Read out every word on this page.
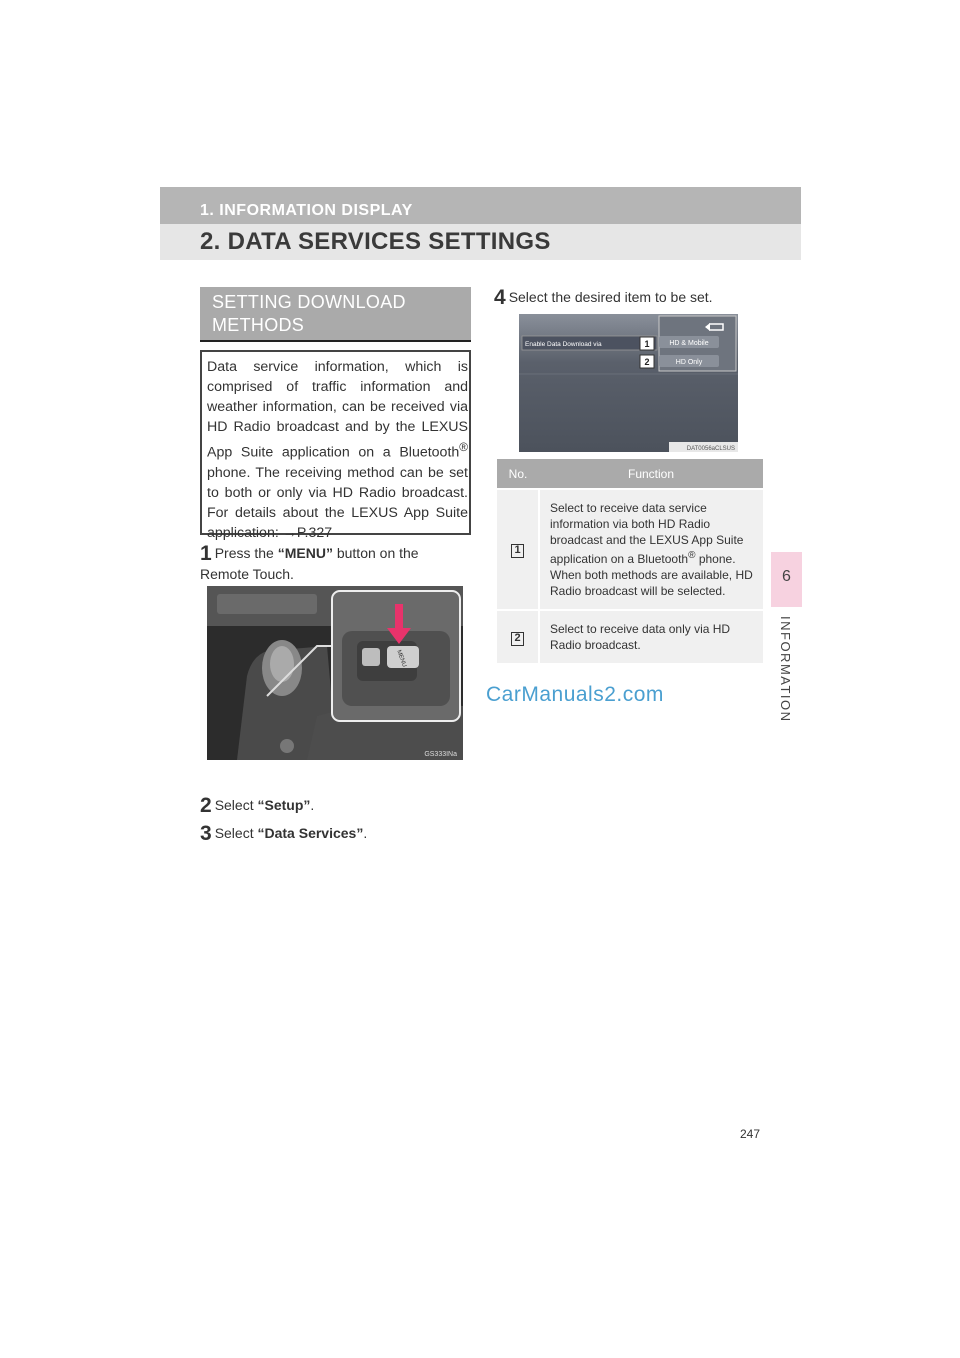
1. INFORMATION DISPLAY
2. DATA SERVICES SETTINGS
6
INFORMATION
SETTING DOWNLOAD METHODS

Data service information, which is comprised of traffic information and weather information, can be received via HD Radio broadcast and by the LEXUS App Suite application on a Bluetooth® phone. The receiving method can be set to both or only via HD Radio broadcast. For details about the LEXUS App Suite application: →P.327

1 Press the “MENU” button on the Remote Touch.
MENU
GS333INa
2 Select “Setup”.
3 Select “Data Services”.
4 Select the desired item to be set.
Enable Data Download via	HD & Mobile
HD Only
1
2
DAT0056aCLSUS
No.	Function
1	Select to receive data service information via both HD Radio broadcast and the LEXUS App Suite application on a Bluetooth® phone. When both methods are available, HD Radio broadcast will be selected.
2	Select to receive data only via HD Radio broadcast.
CarManuals2.com
247
